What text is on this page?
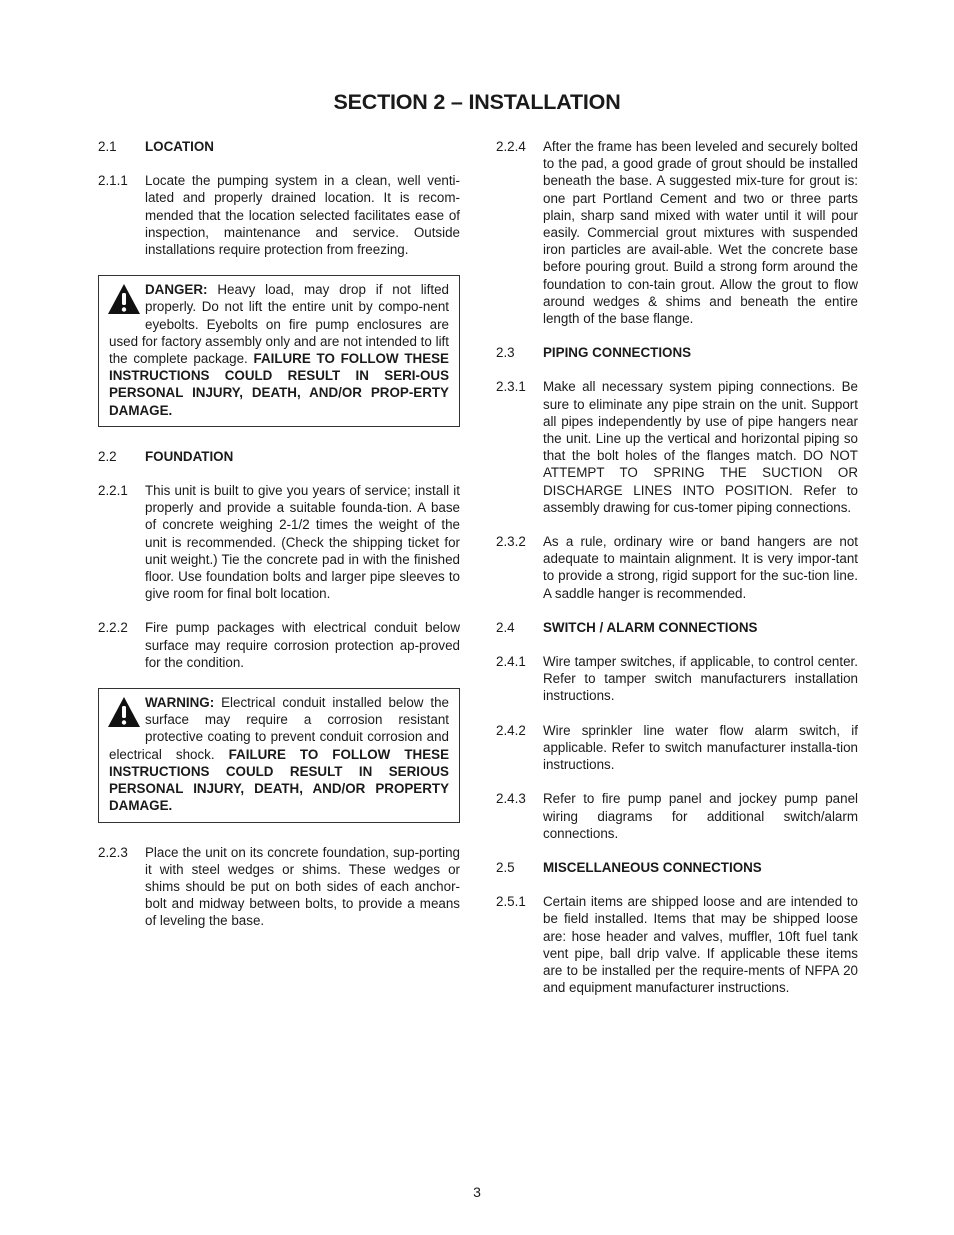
SECTION 2 – INSTALLATION
2.1	LOCATION
2.1.1	Locate the pumping system in a clean, well venti-lated and properly drained location. It is recom-mended that the location selected facilitates ease of inspection, maintenance and service. Outside installations require protection from freezing.
DANGER: Heavy load, may drop if not lifted properly. Do not lift the entire unit by compo-nent eyebolts. Eyebolts on fire pump enclosures are used for factory assembly only and are not intended to lift the complete package. FAILURE TO FOLLOW THESE INSTRUCTIONS COULD RESULT IN SERI-OUS PERSONAL INJURY, DEATH, AND/OR PROP-ERTY DAMAGE.
2.2	FOUNDATION
2.2.1	This unit is built to give you years of service; install it properly and provide a suitable founda-tion. A base of concrete weighing 2-1/2 times the weight of the unit is recommended. (Check the shipping ticket for unit weight.) Tie the concrete pad in with the finished floor. Use foundation bolts and larger pipe sleeves to give room for final bolt location.
2.2.2	Fire pump packages with electrical conduit below surface may require corrosion protection ap-proved for the condition.
WARNING: Electrical conduit installed below the surface may require a corrosion resistant protective coating to prevent conduit corrosion and electrical shock. FAILURE TO FOLLOW THESE INSTRUCTIONS COULD RESULT IN SERIOUS PERSONAL INJURY, DEATH, AND/OR PROPERTY DAMAGE.
2.2.3	Place the unit on its concrete foundation, sup-porting it with steel wedges or shims. These wedges or shims should be put on both sides of each anchor-bolt and midway between bolts, to provide a means of leveling the base.
2.2.4	After the frame has been leveled and securely bolted to the pad, a good grade of grout should be installed beneath the base. A suggested mix-ture for grout is: one part Portland Cement and two or three parts plain, sharp sand mixed with water until it will pour easily. Commercial grout mixtures with suspended iron particles are avail-able. Wet the concrete base before pouring grout. Build a strong form around the foundation to con-tain grout. Allow the grout to flow around wedges & shims and beneath the entire length of the base flange.
2.3	PIPING CONNECTIONS
2.3.1	Make all necessary system piping connections. Be sure to eliminate any pipe strain on the unit. Support all pipes independently by use of pipe hangers near the unit. Line up the vertical and horizontal piping so that the bolt holes of the flanges match. DO NOT ATTEMPT TO SPRING THE SUCTION OR DISCHARGE LINES INTO POSITION. Refer to assembly drawing for cus-tomer piping connections.
2.3.2	As a rule, ordinary wire or band hangers are not adequate to maintain alignment. It is very impor-tant to provide a strong, rigid support for the suc-tion line. A saddle hanger is recommended.
2.4	SWITCH / ALARM CONNECTIONS
2.4.1	Wire tamper switches, if applicable, to control center. Refer to tamper switch manufacturers installation instructions.
2.4.2	Wire sprinkler line water flow alarm switch, if applicable. Refer to switch manufacturer installa-tion instructions.
2.4.3	Refer to fire pump panel and jockey pump panel wiring diagrams for additional switch/alarm connections.
2.5	MISCELLANEOUS CONNECTIONS
2.5.1	Certain items are shipped loose and are intended to be field installed. Items that may be shipped loose are: hose header and valves, muffler, 10ft fuel tank vent pipe, ball drip valve. If applicable these items are to be installed per the require-ments of NFPA 20 and equipment manufacturer instructions.
3
